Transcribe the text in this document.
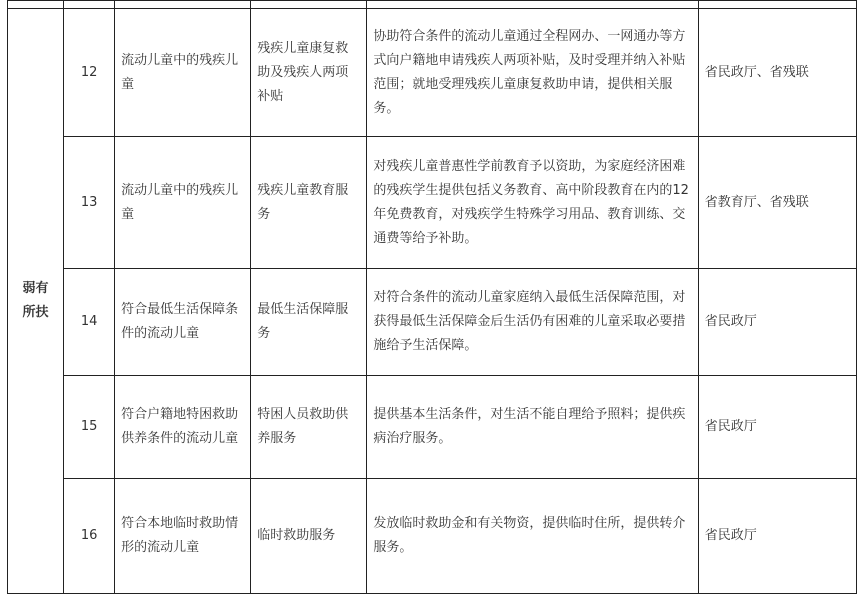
弱有所扶	12	流动儿童中的残疾儿童	残疾儿童康复救助及残疾人两项补贴	协助符合条件的流动儿童通过全程网办、一网通办等方式向户籍地申请残疾人两项补贴，及时受理并纳入补贴范围；就地受理残疾儿童康复救助申请，提供相关服务。	省民政厅、省残联
	13	流动儿童中的残疾儿童	残疾儿童教育服务	对残疾儿童普惠性学前教育予以资助，为家庭经济困难的残疾学生提供包括义务教育、高中阶段教育在内的12年免费教育，对残疾学生特殊学习用品、教育训练、交通费等给予补助。	省教育厅、省残联
	14	符合最低生活保障条件的流动儿童	最低生活保障服务	对符合条件的流动儿童家庭纳入最低生活保障范围，对获得最低生活保障金后生活仍有困难的儿童采取必要措施给予生活保障。	省民政厅
	15	符合户籍地特困救助供养条件的流动儿童	特困人员救助供养服务	提供基本生活条件，对生活不能自理给予照料；提供疾病治疗服务。	省民政厅
	16	符合本地临时救助情形的流动儿童	临时救助服务	发放临时救助金和有关物资，提供临时住所，提供转介服务。	省民政厅
